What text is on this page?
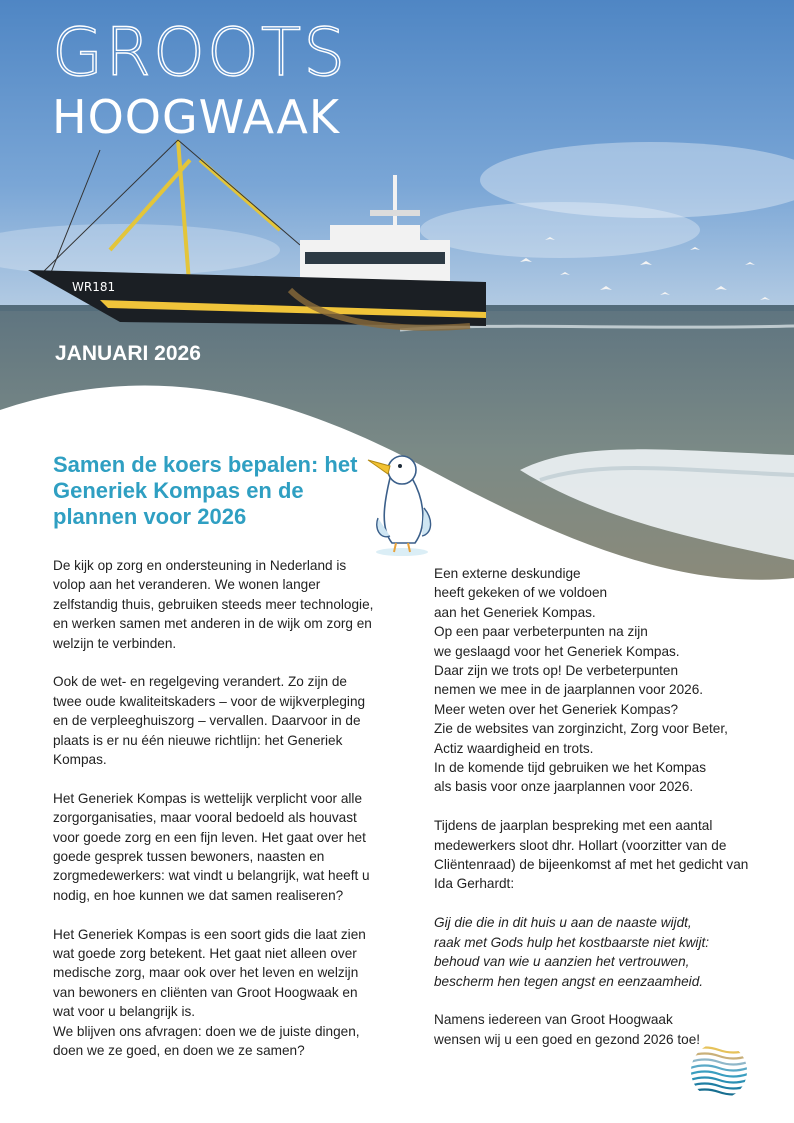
WR181
GROOTS
HOOGWAAK
JANUARI 2026
Samen de koers bepalen: het Generiek Kompas en de plannen voor 2026

De kijk op zorg en ondersteuning in Nederland is volop aan het veranderen. We wonen langer zelfstandig thuis, gebruiken steeds meer technologie, en werken samen met anderen in de wijk om zorg en welzijn te verbinden.

Ook de wet- en regelgeving verandert. Zo zijn de twee oude kwaliteitskaders – voor de wijkverpleging en de verpleeghuiszorg – vervallen. Daarvoor in de plaats is er nu één nieuwe richtlijn: het Generiek Kompas.

Het Generiek Kompas is wettelijk verplicht voor alle zorgorganisaties, maar vooral bedoeld als houvast voor goede zorg en een fijn leven. Het gaat over het goede gesprek tussen bewoners, naasten en zorgmedewerkers: wat vindt u belangrijk, wat heeft u nodig, en hoe kunnen we dat samen realiseren?

Het Generiek Kompas is een soort gids die laat zien wat goede zorg betekent. Het gaat niet alleen over medische zorg, maar ook over het leven en welzijn van bewoners en cliënten van Groot Hoogwaak en wat voor u belangrijk is.

We blijven ons afvragen: doen we de juiste dingen, doen we ze goed, en doen we ze samen?

Een externe deskundige
heeft gekeken of we voldoen
aan het Generiek Kompas.
Op een paar verbeterpunten na zijn
we geslaagd voor het Generiek Kompas.
Daar zijn we trots op! De verbeterpunten
nemen we mee in de jaarplannen voor 2026.
Meer weten over het Generiek Kompas?
Zie de websites van zorginzicht, Zorg voor Beter,
Actiz waardigheid en trots.
In de komende tijd gebruiken we het Kompas
als basis voor onze jaarplannen voor 2026.

Tijdens de jaarplan bespreking met een aantal medewerkers sloot dhr. Hollart (voorzitter van de Cliëntenraad) de bijeenkomst af met het gedicht van Ida Gerhardt:

Gij die die in dit huis u aan de naaste wijdt,
raak met Gods hulp het kostbaarste niet kwijt:
behoud van wie u aanzien het vertrouwen,
bescherm hen tegen angst en eenzaamheid.

Namens iedereen van Groot Hoogwaak
wensen wij u een goed en gezond 2026 toe!
